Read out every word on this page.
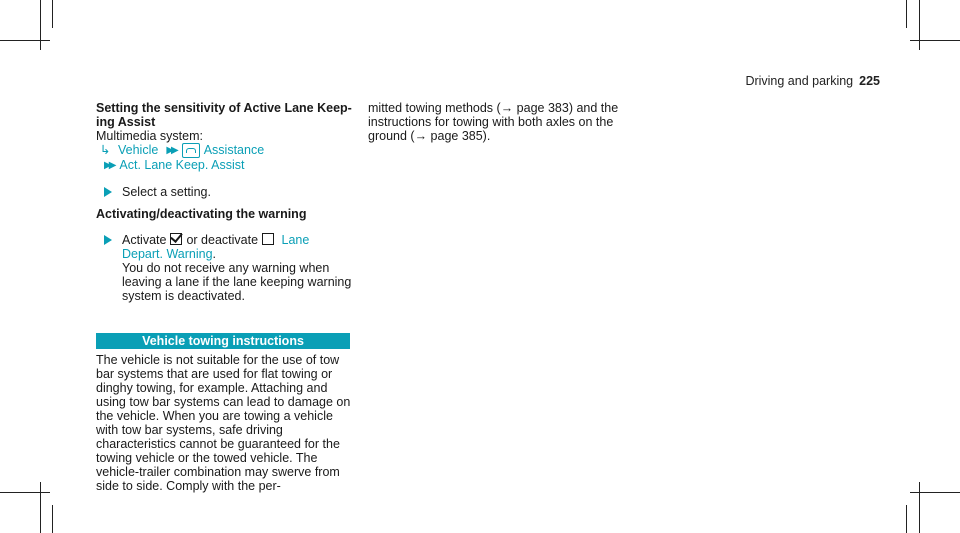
Driving and parking 225
Setting the sensitivity of Active Lane Keep-ing Assist
Multimedia system:
↳ Vehicle ▶▶ Assistance
▶▶ Act. Lane Keep. Assist
Select a setting.
Activating/deactivating the warning
Activate or deactivate Lane Depart. Warning.
You do not receive any warning when leaving a lane if the lane keeping warning system is deactivated.
Vehicle towing instructions
The vehicle is not suitable for the use of tow bar systems that are used for flat towing or dinghy towing, for example. Attaching and using tow bar systems can lead to damage on the vehicle. When you are towing a vehicle with tow bar systems, safe driving characteristics cannot be guaranteed for the towing vehicle or the towed vehicle. The vehicle-trailer combination may swerve from side to side. Comply with the per-
mitted towing methods (→ page 383) and the instructions for towing with both axles on the ground (→ page 385).
